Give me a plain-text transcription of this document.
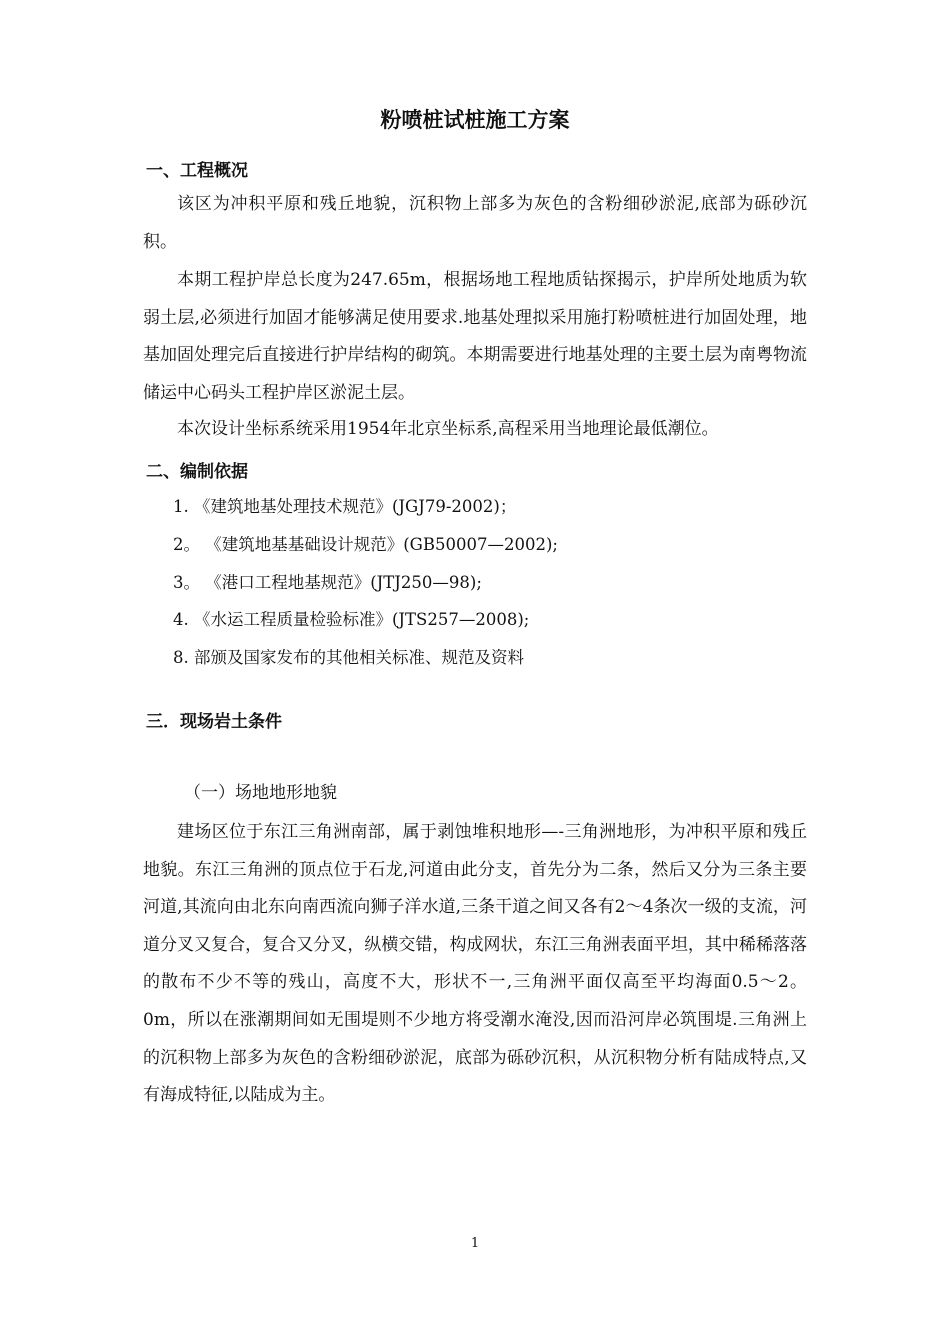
粉喷桩试桩施工方案
一、工程概况

该区为冲积平原和残丘地貌，沉积物上部多为灰色的含粉细砂淤泥,底部为砾砂沉积。

本期工程护岸总长度为247.65m，根据场地工程地质钻探揭示，护岸所处地质为软弱土层,必须进行加固才能够满足使用要求.地基处理拟采用施打粉喷桩进行加固处理，地基加固处理完后直接进行护岸结构的砌筑。本期需要进行地基处理的主要土层为南粤物流储运中心码头工程护岸区淤泥土层。

本次设计坐标系统采用1954年北京坐标系,高程采用当地理论最低潮位。

二、编制依据
1. 《建筑地基处理技术规范》(JGJ79-2002)；
2。 《建筑地基基础设计规范》(GB50007—2002);
3。 《港口工程地基规范》(JTJ250—98);
4. 《水运工程质量检验标准》(JTS257—2008);
8. 部颁及国家发布的其他相关标准、规范及资料
三．现场岩土条件
（一）场地地形地貌

建场区位于东江三角洲南部，属于剥蚀堆积地形—-三角洲地形，为冲积平原和残丘地貌。东江三角洲的顶点位于石龙,河道由此分支，首先分为二条，然后又分为三条主要河道,其流向由北东向南西流向狮子洋水道,三条干道之间又各有2～4条次一级的支流，河道分叉又复合，复合又分叉，纵横交错，构成网状，东江三角洲表面平坦，其中稀稀落落的散布不少不等的残山，高度不大，形状不一,三角洲平面仅高至平均海面0.5～2。0m，所以在涨潮期间如无围堤则不少地方将受潮水淹没,因而沿河岸必筑围堤.三角洲上的沉积物上部多为灰色的含粉细砂淤泥，底部为砾砂沉积，从沉积物分析有陆成特点,又有海成特征,以陆成为主。

1
